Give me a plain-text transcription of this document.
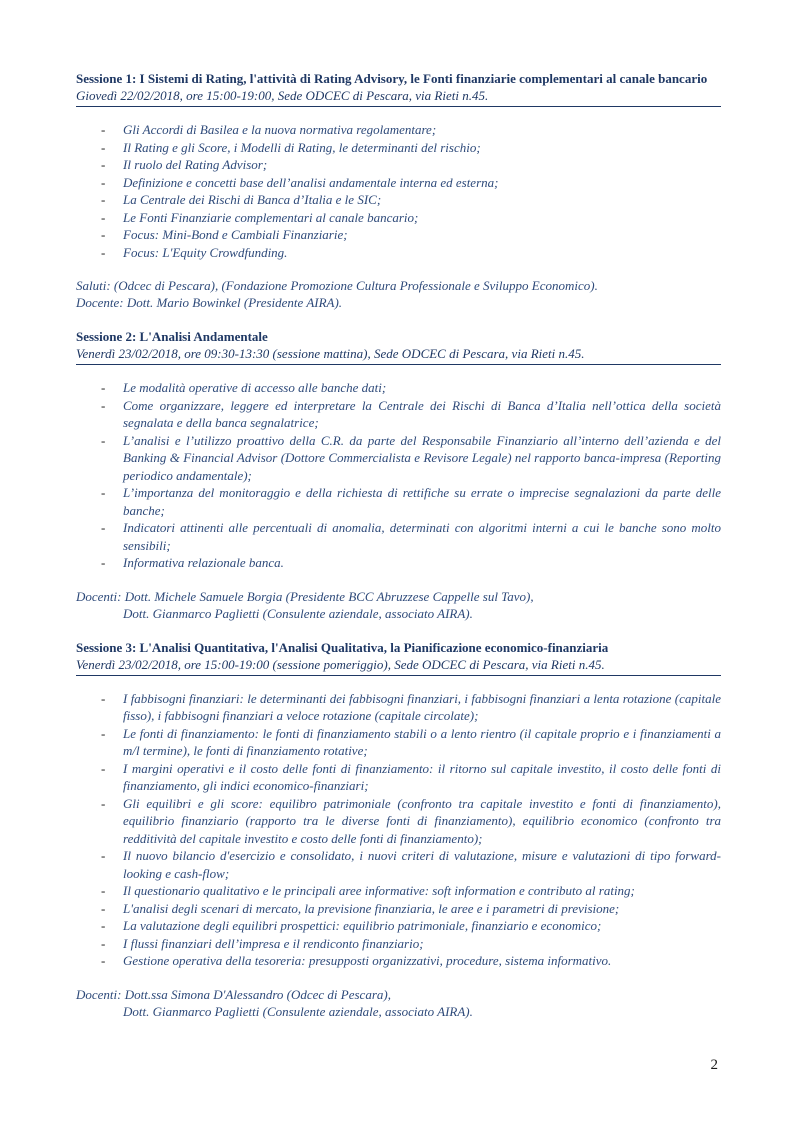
Sessione 1: I Sistemi di Rating, l'attività di Rating Advisory, le Fonti finanziarie complementari al canale bancario
Giovedì 22/02/2018, ore 15:00-19:00, Sede ODCEC di Pescara, via Rieti n.45.
- Gli Accordi di Basilea e la nuova normativa regolamentare;
- Il Rating e gli Score, i Modelli di Rating, le determinanti del rischio;
- Il ruolo del Rating Advisor;
- Definizione e concetti base dell’analisi andamentale interna ed esterna;
- La Centrale dei Rischi di Banca d’Italia e le SIC;
- Le Fonti Finanziarie complementari al canale bancario;
- Focus: Mini-Bond e Cambiali Finanziarie;
- Focus: L'Equity Crowdfunding.
Saluti: (Odcec di Pescara), (Fondazione Promozione Cultura Professionale e Sviluppo Economico).
Docente: Dott. Mario Bowinkel (Presidente AIRA).
Sessione 2: L'Analisi Andamentale
Venerdì 23/02/2018, ore 09:30-13:30 (sessione mattina), Sede ODCEC di Pescara, via Rieti n.45.
- Le modalità operative di accesso alle banche dati;
- Come organizzare, leggere ed interpretare la Centrale dei Rischi di Banca d’Italia nell’ottica della società segnalata e della banca segnalatrice;
- L’analisi e l’utilizzo proattivo della C.R. da parte del Responsabile Finanziario all’interno dell’azienda e del Banking & Financial Advisor (Dottore Commercialista e Revisore Legale) nel rapporto banca-impresa (Reporting periodico andamentale);
- L’importanza del monitoraggio e della richiesta di rettifiche su errate o imprecise segnalazioni da parte delle banche;
- Indicatori attinenti alle percentuali di anomalia, determinati con algoritmi interni a cui le banche sono molto sensibili;
- Informativa relazionale banca.
Docenti: Dott. Michele Samuele Borgia (Presidente BCC Abruzzese Cappelle sul Tavo),
Dott. Gianmarco Paglietti (Consulente aziendale, associato AIRA).
Sessione 3: L'Analisi Quantitativa, l'Analisi Qualitativa, la Pianificazione economico-finanziaria
Venerdì 23/02/2018, ore 15:00-19:00 (sessione pomeriggio), Sede ODCEC di Pescara, via Rieti n.45.
- I fabbisogni finanziari: le determinanti dei fabbisogni finanziari, i fabbisogni finanziari a lenta rotazione (capitale fisso), i fabbisogni finanziari a veloce rotazione (capitale circolate);
- Le fonti di finanziamento: le fonti di finanziamento stabili o a lento rientro (il capitale proprio e i finanziamenti a m/l termine), le fonti di finanziamento rotative;
- I margini operativi e il costo delle fonti di finanziamento: il ritorno sul capitale investito, il costo delle fonti di finanziamento, gli indici economico-finanziari;
- Gli equilibri e gli score: equilibro patrimoniale (confronto tra capitale investito e fonti di finanziamento), equilibrio finanziario (rapporto tra le diverse fonti di finanziamento), equilibrio economico (confronto tra redditività del capitale investito e costo delle fonti di finanziamento);
- Il nuovo bilancio d'esercizio e consolidato, i nuovi criteri di valutazione, misure e valutazioni di tipo forward-looking e cash-flow;
- Il questionario qualitativo e le principali aree informative: soft information e contributo al rating;
- L'analisi degli scenari di mercato, la previsione finanziaria, le aree e i parametri di previsione;
- La valutazione degli equilibri prospettici: equilibrio patrimoniale, finanziario e economico;
- I flussi finanziari dell’impresa e il rendiconto finanziario;
- Gestione operativa della tesoreria: presupposti organizzativi, procedure, sistema informativo.
Docenti: Dott.ssa Simona D'Alessandro (Odcec di Pescara),
Dott. Gianmarco Paglietti (Consulente aziendale, associato AIRA).
2
